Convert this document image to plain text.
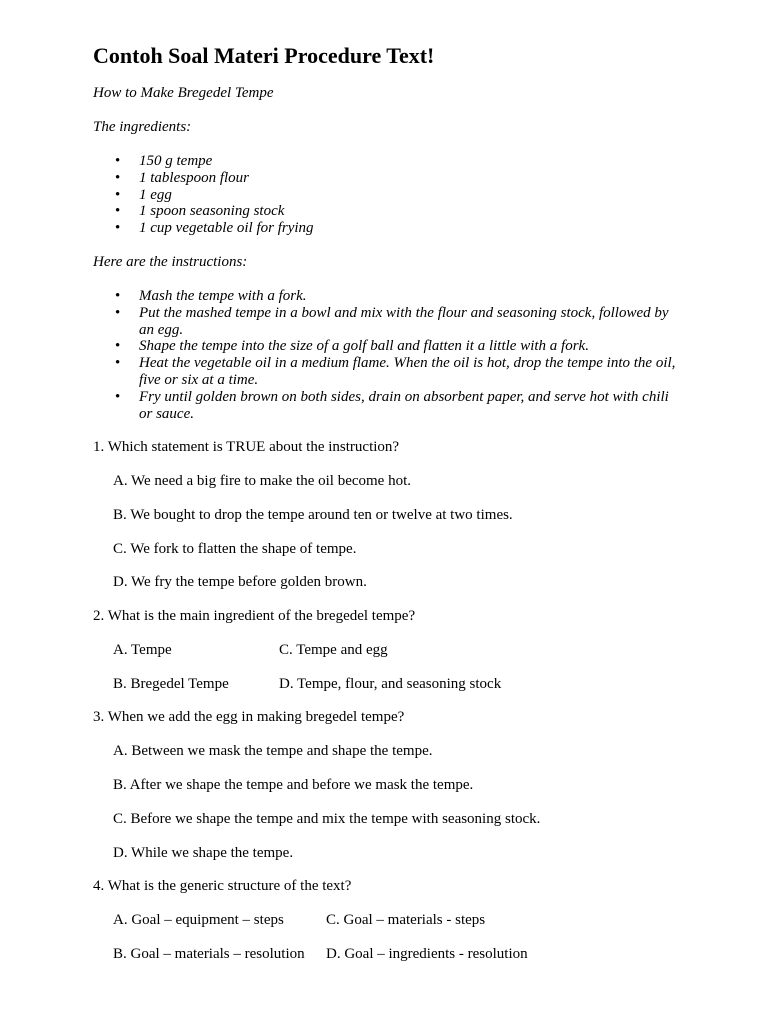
Contoh Soal Materi Procedure Text!

How to Make Bregedel Tempe

The ingredients:

• 150 g tempe
• 1 tablespoon flour
• 1 egg
• 1 spoon seasoning stock
• 1 cup vegetable oil for frying

Here are the instructions:

• Mash the tempe with a fork.
• Put the mashed tempe in a bowl and mix with the flour and seasoning stock, followed by an egg.
• Shape the tempe into the size of a golf ball and flatten it a little with a fork.
• Heat the vegetable oil in a medium flame. When the oil is hot, drop the tempe into the oil, five or six at a time.
• Fry until golden brown on both sides, drain on absorbent paper, and serve hot with chili or sauce.

1. Which statement is TRUE about the instruction?

A. We need a big fire to make the oil become hot.

B. We bought to drop the tempe around ten or twelve at two times.

C. We fork to flatten the shape of tempe.

D. We fry the tempe before golden brown.

2. What is the main ingredient of the bregedel tempe?

A. Tempe	C. Tempe and egg

B. Bregedel Tempe	D. Tempe, flour, and seasoning stock

3. When we add the egg in making bregedel tempe?

A. Between we mask the tempe and shape the tempe.

B. After we shape the tempe and before we mask the tempe.

C. Before we shape the tempe and mix the tempe with seasoning stock.

D. While we shape the tempe.

4. What is the generic structure of the text?

A. Goal – equipment – steps	C. Goal – materials - steps

B. Goal – materials – resolution D. Goal – ingredients - resolution
